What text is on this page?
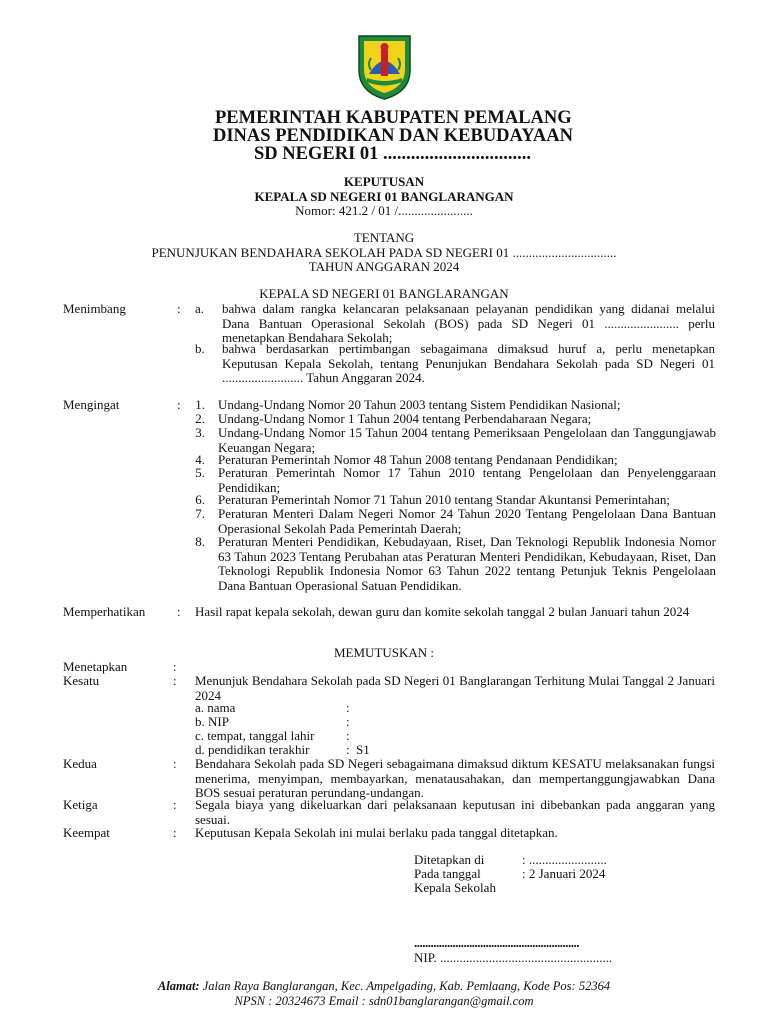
PEMERINTAH KABUPATEN PEMALANG
DINAS PENDIDIKAN DAN KEBUDAYAAN
SD NEGERI 01 ................................
KEPUTUSAN
KEPALA SD NEGERI 01 BANGLARANGAN
Nomor: 421.2 / 01 /.......................
TENTANG
PENUNJUKAN BENDAHARA SEKOLAH PADA SD NEGERI 01 ................................
TAHUN ANGGARAN 2024
KEPALA SD NEGERI 01 BANGLARANGAN
Menimbang	: a. bahwa dalam rangka kelancaran pelaksanaan pelayanan pendidikan yang didanai melalui Dana Bantuan Operasional Sekolah (BOS) pada SD Negeri 01 ....................... perlu menetapkan Bendahara Sekolah;
b. bahwa berdasarkan pertimbangan sebagaimana dimaksud huruf a, perlu menetapkan Keputusan Kepala Sekolah, tentang Penunjukan Bendahara Sekolah pada SD Negeri 01 ......................... Tahun Anggaran 2024.
Mengingat	:	1. Undang-Undang Nomor 20 Tahun 2003 tentang Sistem Pendidikan Nasional;
2. Undang-Undang Nomor 1 Tahun 2004 tentang Perbendaharaan Negara;
3. Undang-Undang Nomor 15 Tahun 2004 tentang Pemeriksaan Pengelolaan dan Tanggungjawab Keuangan Negara;
4. Peraturan Pemerintah Nomor 48 Tahun 2008 tentang Pendanaan Pendidikan;
5. Peraturan Pemerintah Nomor 17 Tahun 2010 tentang Pengelolaan dan Penyelenggaraan Pendidikan;
6. Peraturan Pemerintah Nomor 71 Tahun 2010 tentang Standar Akuntansi Pemerintahan;
7. Peraturan Menteri Dalam Negeri Nomor 24 Tahun 2020 Tentang Pengelolaan Dana Bantuan Operasional Sekolah Pada Pemerintah Daerah;
8. Peraturan Menteri Pendidikan, Kebudayaan, Riset, Dan Teknologi Republik Indonesia Nomor 63 Tahun 2023 Tentang Perubahan atas Peraturan Menteri Pendidikan, Kebudayaan, Riset, Dan Teknologi Republik Indonesia Nomor 63 Tahun 2022 tentang Petunjuk Teknis Pengelolaan Dana Bantuan Operasional Satuan Pendidikan.
Memperhatikan : Hasil rapat kepala sekolah, dewan guru dan komite sekolah tanggal 2 bulan Januari tahun 2024
MEMUTUSKAN :
Menetapkan	:
Kesatu	: Menunjuk Bendahara Sekolah pada SD Negeri 01 Banglarangan Terhitung Mulai Tanggal 2 Januari 2024
a. nama	:
b. NIP	:
c. tempat, tanggal lahir :
d. pendidikan terakhir	: S1
Kedua	: Bendahara Sekolah pada SD Negeri sebagaimana dimaksud diktum KESATU melaksanakan fungsi menerima, menyimpan, membayarkan, menatausahakan, dan mempertanggungjawabkan Dana BOS sesuai peraturan perundang-undangan.
Ketiga	: Segala biaya yang dikeluarkan dari pelaksanaan keputusan ini dibebankan pada anggaran yang sesuai.
Keempat	: Keputusan Kepala Sekolah ini mulai berlaku pada tanggal ditetapkan.
Ditetapkan di	: ........................
Pada tanggal	: 2 Januari 2024
Kepala Sekolah
............................................................
NIP. .....................................................
Alamat: Jalan Raya Banglarangan, Kec. Ampelgading, Kab. Pemlaang, Kode Pos: 52364
NPSN : 20324673 Email : sdn01banglarangan@gmail.com
